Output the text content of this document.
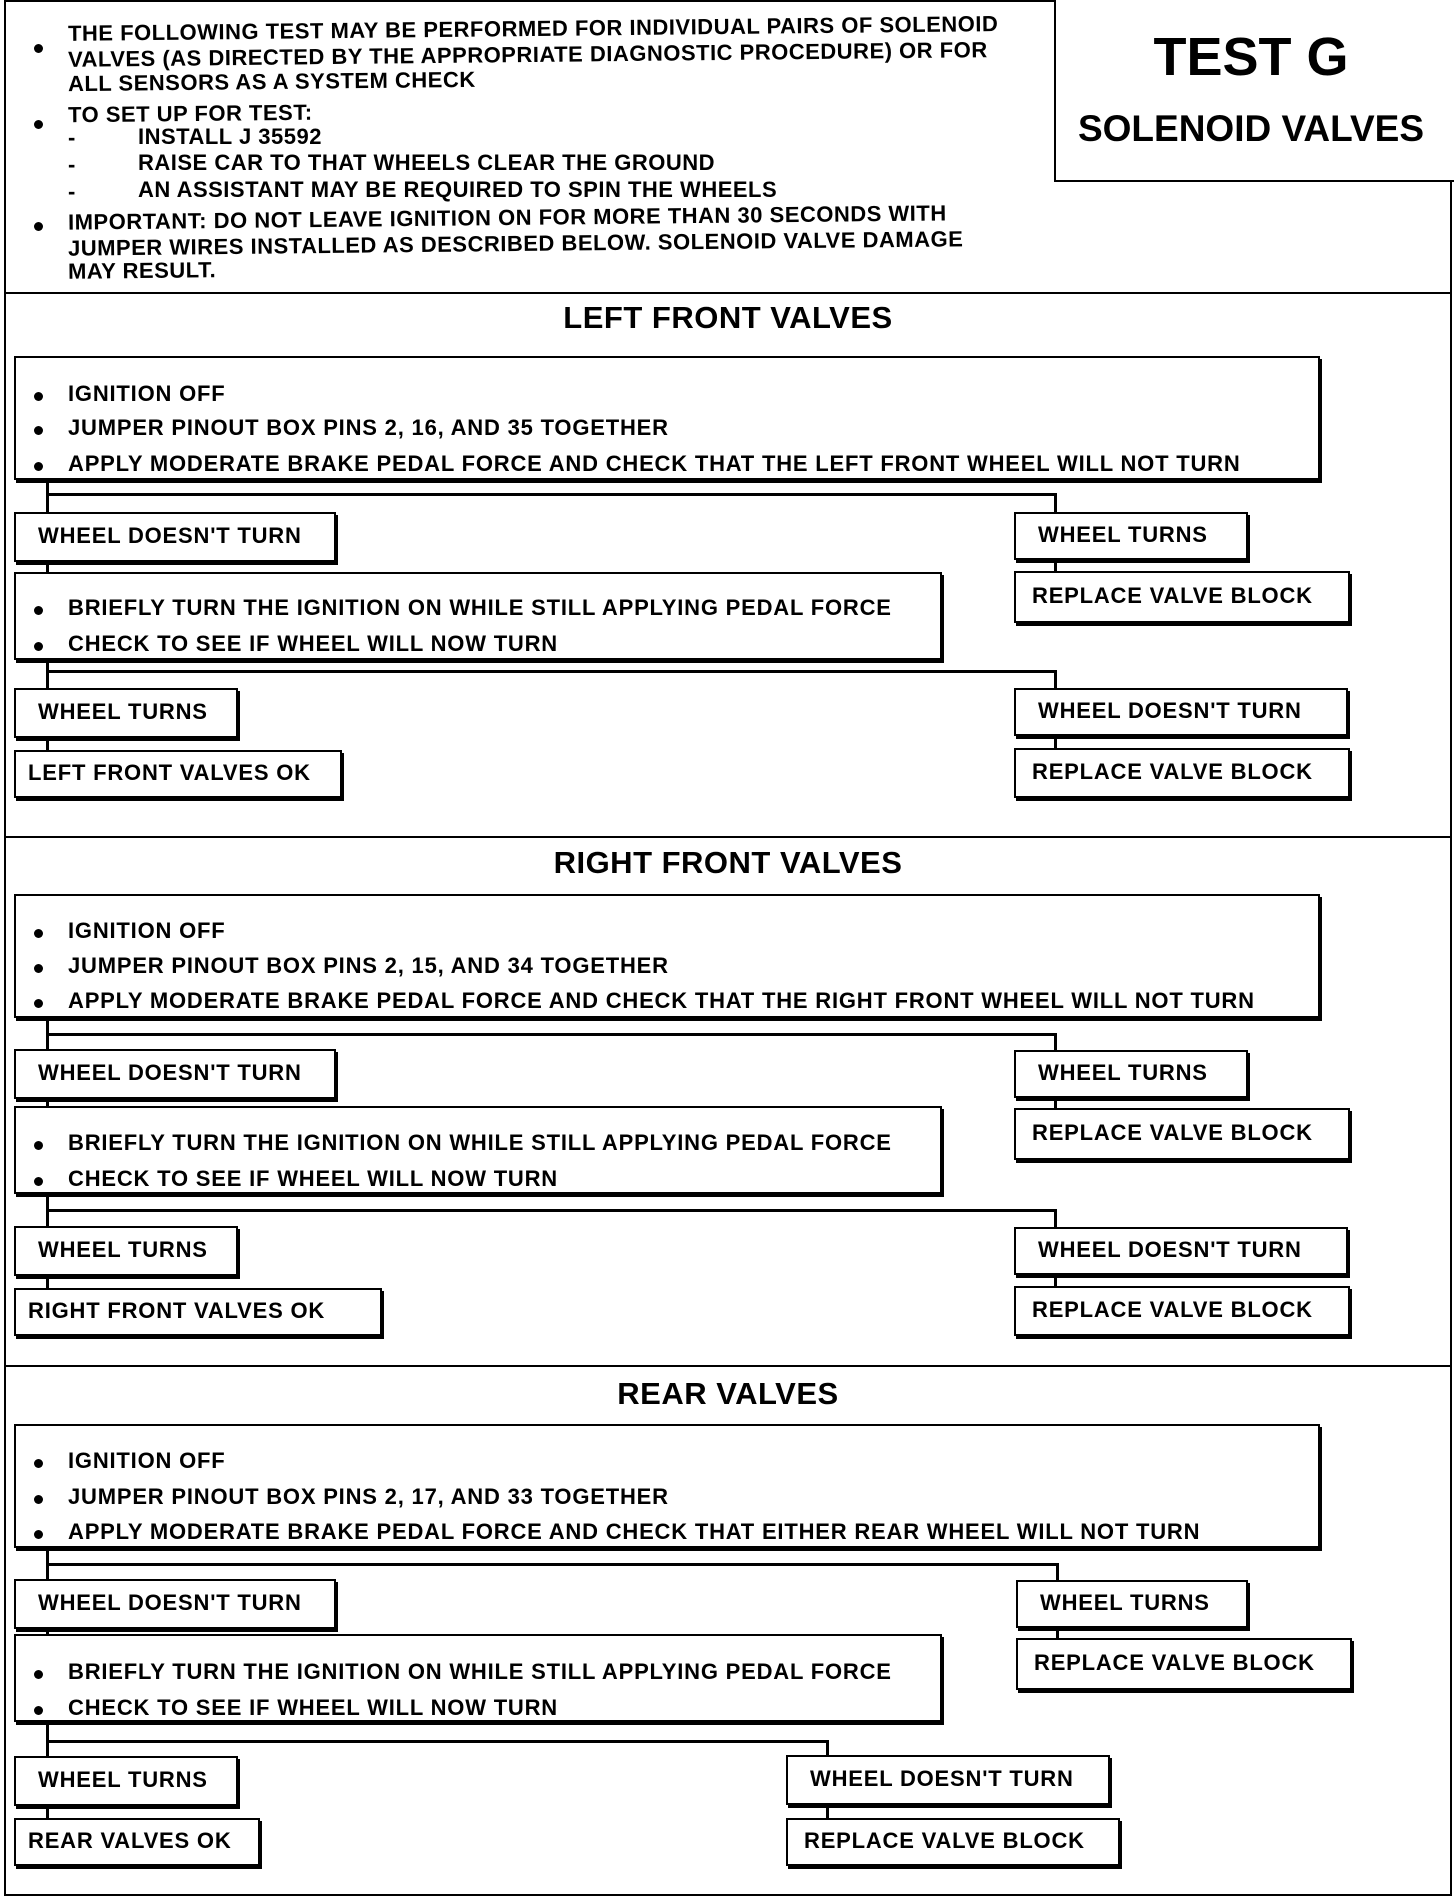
THE FOLLOWING TEST MAY BE PERFORMED FOR INDIVIDUAL PAIRS OF SOLENOID
VALVES (AS DIRECTED BY THE APPROPRIATE DIAGNOSTIC PROCEDURE) OR FOR
ALL SENSORS AS A SYSTEM CHECK
TO SET UP FOR TEST:
-	INSTALL J 35592
-	RAISE CAR TO THAT WHEELS CLEAR THE GROUND
-	AN ASSISTANT MAY BE REQUIRED TO SPIN THE WHEELS
IMPORTANT: DO NOT LEAVE IGNITION ON FOR MORE THAN 30 SECONDS WITH
JUMPER WIRES INSTALLED AS DESCRIBED BELOW. SOLENOID VALVE DAMAGE
MAY RESULT.
TEST G
SOLENOID VALVES
LEFT FRONT VALVES
IGNITION OFF
JUMPER PINOUT BOX PINS 2, 16, AND 35 TOGETHER
APPLY MODERATE BRAKE PEDAL FORCE AND CHECK THAT THE LEFT FRONT WHEEL WILL NOT TURN
WHEEL DOESN'T TURN	WHEEL TURNS
REPLACE VALVE BLOCK
BRIEFLY TURN THE IGNITION ON WHILE STILL APPLYING PEDAL FORCE
CHECK TO SEE IF WHEEL WILL NOW TURN
WHEEL TURNS
LEFT FRONT VALVES OK
WHEEL DOESN'T TURN
REPLACE VALVE BLOCK
RIGHT FRONT VALVES
IGNITION OFF
JUMPER PINOUT BOX PINS 2, 15, AND 34 TOGETHER
APPLY MODERATE BRAKE PEDAL FORCE AND CHECK THAT THE RIGHT FRONT WHEEL WILL NOT TURN
WHEEL DOESN'T TURN	WHEEL TURNS
REPLACE VALVE BLOCK
BRIEFLY TURN THE IGNITION ON WHILE STILL APPLYING PEDAL FORCE
CHECK TO SEE IF WHEEL WILL NOW TURN
WHEEL TURNS
RIGHT FRONT VALVES OK
WHEEL DOESN'T TURN
REPLACE VALVE BLOCK
REAR VALVES
IGNITION OFF
JUMPER PINOUT BOX PINS 2, 17, AND 33 TOGETHER
APPLY MODERATE BRAKE PEDAL FORCE AND CHECK THAT EITHER REAR WHEEL WILL NOT TURN
WHEEL DOESN'T TURN	WHEEL TURNS
REPLACE VALVE BLOCK
BRIEFLY TURN THE IGNITION ON WHILE STILL APPLYING PEDAL FORCE
CHECK TO SEE IF WHEEL WILL NOW TURN
WHEEL TURNS
REAR VALVES OK
WHEEL DOESN'T TURN
REPLACE VALVE BLOCK
